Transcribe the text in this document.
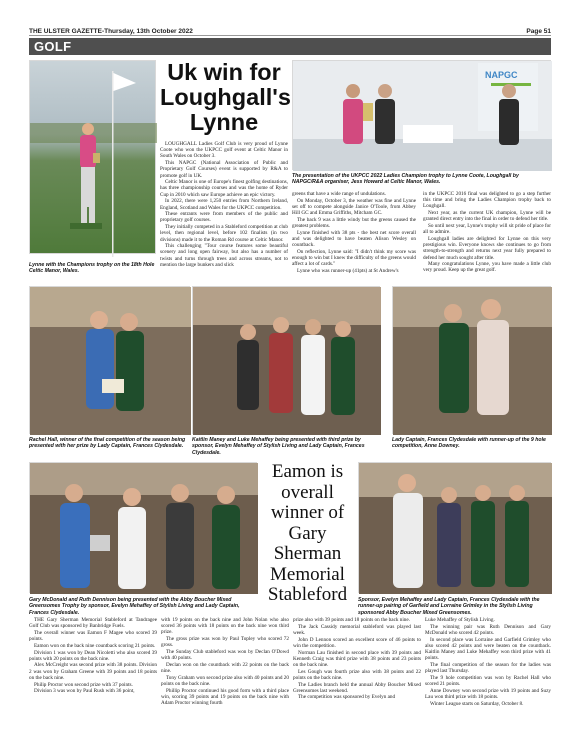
THE ULSTER GAZETTE-Thursday, 13th October 2022	Page 51
GOLF
Lynne with the Champions trophy on the 18th Hole Celtic Manor, Wales.
Uk win for
Loughgall's
Lynne

LOUGHGALL Ladies Golf Club is very proud of Lynne Coote who won the UKPCC golf event at Celtic Manor in South Wales on October 3.

This NAPGC (National Association of Public and Proprietary Golf Courses) event is supported by R&A to promote golf in UK.

Celtic Manor is one of Europe's finest golfing destinations, has three championship courses and was the home of Ryder Cup in 2010 which saw Europe achieve an epic victory.

In 2022, there were 1,250 entries from Northern Ireland, England, Scotland and Wales for the UKPCC competition.

These entrants were from members of the public and proprietary golf courses.

They initially competed in a Stableford competition at club level, then regional level, before 102 finalists (in two divisions) made it to the Roman Rd course at Celtic Manor.

This challenging "Tour course features some beautiful scenery and long open fairway, but also has a number of twists and turns through trees and across streams, not to mention the large bunkers and slick

NAPGC
The presentation of the UKPCC 2022 Ladies Champion trophy to Lynne Coote, Loughgall by NAPGC/R&A organiser, Jess Howard at Celtic Manor, Wales.

greens that have a wide range of undulations.

On Monday, October 3, the weather was fine and Lynne set off to compete alongside Janice O'Toole, from Abbey Hill GC and Emma Griffiths, Mitcham GC.

The back 9 was a little windy but the greens caused the greatest problems.

Lynne finished with 38 pts - the best net score overall and was delighted to have beaten Alison Wesley on countback.

On reflection, Lynne said: "I didn't think my score was enough to win but I knew the difficulty of the greens would affect a lot of cards."

Lynne who was runner-up (41pts) at St Andrew's

in the UKPCC 2016 final was delighted to go a step further this time and bring the Ladies Champion trophy back to Loughgall.

Next year, as the current UK champion, Lynne will be granted direct entry into the final in order to defend her title.

So until next year, Lynne's trophy will sit pride of place for all to admire.

Loughgall ladies are delighted for Lynne on this very prestigious win. Everyone knows she continues to go from strength-to-strength and returns next year fully prepared to defend her much sought after title.

Many congratulations Lynne, you have made a little club very proud. Keep up the great golf.

Rachel Hall, winner of the final competition of the season being presented with her prize by Lady Captain, Frances Clydesdale.
Kaitlin Maney and Luke Mehaffey being presented with third prize by sponsor, Evelyn Mehaffey of Stylish Living and Lady Captain, Frances Clydesdale.
Lady Captain, Frances Clydesdale with runner-up of the 9 hole competition, Anne Downey.
Gary McDonald and Ruth Dennison being presented with the Abby Boucher Mixed Greensomes Trophy by sponsor, Evelyn Mehaffey of Stylish Living and Lady Captain, Frances Clydesdale.
Eamon is
overall
winner of
Gary
Sherman
Memorial
Stableford	Sponsor, Evelyn Mehaffey and Lady Captain, Frances Clydesdale with the runner-up pairing of Garfield and Lorraine Grimley in the Stylish Living sponsored Abby Boucher Mixed Greensomes.

THE Gary Sherman Memorial Stableford at Tandragee Golf Club was sponsored by Banbridge Fuels.

The overall winner was Eamon F Magee who scored 39 points.

Eamon won on the back nine countback scoring 21 points.

Division 1 was won by Dean Nicoletti who also scored 39 points with 20 points on the back nine.

Alex McCreight was second prize with 38 points. Division 2 was won by Graham Greene with 39 points and 18 points on the back nine.

Philip Proctor won second prize with 37 points.

Division 3 was won by Paul Rush with 36 point,

with 19 points on the back nine and John Nolan who also scored 36 points with 18 points on the back nine won third prize.

The gross prize was won by Paul Topley who scored 72 gross.

The Sunday Club stableford was won by Declan O'Dowd with 40 points.

Declan won on the countback with 22 points on the back nine.

Tony Graham won second prize also with 40 points and 20 points on the back nine.

Phillip Proctor continued his good form with a third place win, scoring 39 points and 19 points on the back nine with Adam Proctor winning fourth

prize also with 39 points and 18 points on the back nine.

The Jack Cassidy memorial stableford was played last week.

John D Lennon scored an excellent score of 46 points to win the competition.

Norman Lau finished in second place with 39 points and Kenneth Craig was third prize with 38 points and 23 points on the back nine.

Les Gough was fourth prize also with 38 points and 22 points on the back nine.

The Ladies branch held the annual Abby Boucher Mixed Greensomes last weekend.

The competition was sponsored by Evelyn and

Luke Mehaffey of Stylish Living.

The winning pair was Ruth Dennison and Gary McDonald who scored 42 points.

In second place was Lorraine and Garfield Grimley who also scored 42 points and were beaten on the countback. Kaitlin Maney and Luke Mehaffey won third prize with 41 points.

The final competition of the season for the ladies was played last Thursday.

The 9 hole competition was won by Rachel Hall who scored 21 points.

Anne Downey won second prize with 19 points and Suzy Lau won third prize with 18 points.

Winter League starts on Saturday, October 8.
